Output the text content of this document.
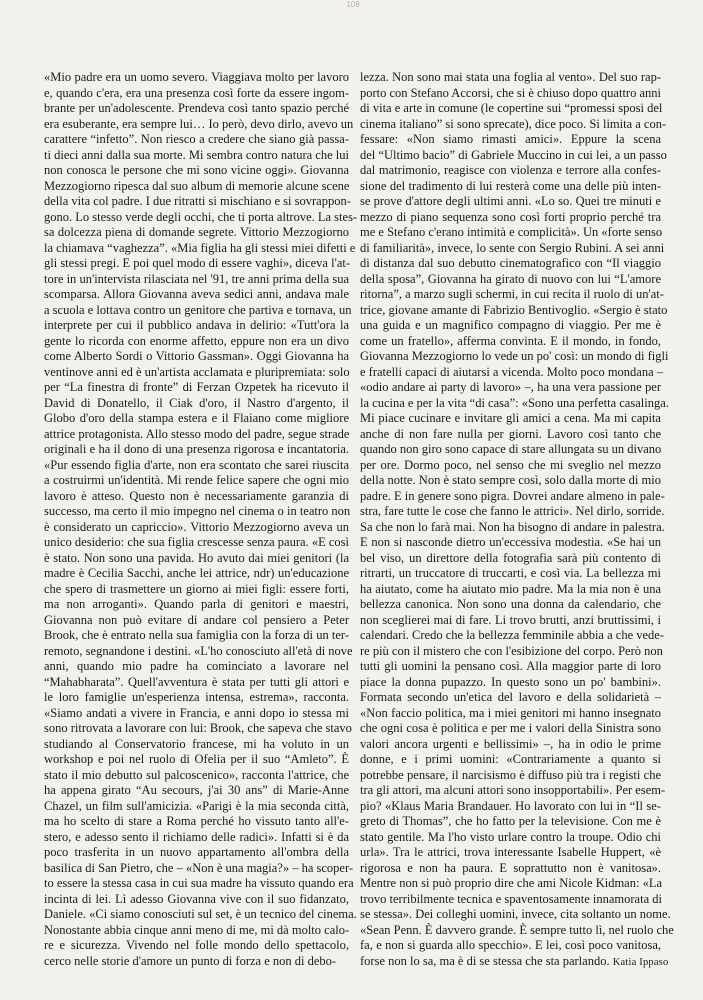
108
«Mio padre era un uomo severo. Viaggiava molto per lavoro
e, quando c'era, era una presenza così forte da essere ingom-
brante per un'adolescente. Prendeva così tanto spazio perché
era esuberante, era sempre lui… Io però, devo dirlo, avevo un
carattere “infetto”. Non riesco a credere che siano già passa-
ti dieci anni dalla sua morte. Mi sembra contro natura che lui
non conosca le persone che mi sono vicine oggi». Giovanna
Mezzogiorno ripesca dal suo album di memorie alcune scene
della vita col padre. I due ritratti si mischiano e si sovrappon-
gono. Lo stesso verde degli occhi, che ti porta altrove. La stes-
sa dolcezza piena di domande segrete. Vittorio Mezzogiorno
la chiamava “vaghezza”. «Mia figlia ha gli stessi miei difetti e
gli stessi pregi. E poi quel modo di essere vaghi», diceva l'at-
tore in un'intervista rilasciata nel '91, tre anni prima della sua
scomparsa. Allora Giovanna aveva sedici anni, andava male
a scuola e lottava contro un genitore che partiva e tornava, un
interprete per cui il pubblico andava in delirio: «Tutt'ora la
gente lo ricorda con enorme affetto, eppure non era un divo
come Alberto Sordi o Vittorio Gassman». Oggi Giovanna ha
ventinove anni ed è un'artista acclamata e pluripremiata: solo
per “La finestra di fronte” di Ferzan Ozpetek ha ricevuto il
David di Donatello, il Ciak d'oro, il Nastro d'argento, il
Globo d'oro della stampa estera e il Flaiano come migliore
attrice protagonista. Allo stesso modo del padre, segue strade
originali e ha il dono di una presenza rigorosa e incantatoria.
«Pur essendo figlia d'arte, non era scontato che sarei riuscita
a costruirmi un'identità. Mi rende felice sapere che ogni mio
lavoro è atteso. Questo non è necessariamente garanzia di
successo, ma certo il mio impegno nel cinema o in teatro non
è considerato un capriccio». Vittorio Mezzogiorno aveva un
unico desiderio: che sua figlia crescesse senza paura. «E così
è stato. Non sono una pavida. Ho avuto dai miei genitori (la
madre è Cecilia Sacchi, anche lei attrice, ndr) un'educazione
che spero di trasmettere un giorno ai miei figli: essere forti,
ma non arroganti». Quando parla di genitori e maestri,
Giovanna non può evitare di andare col pensiero a Peter
Brook, che è entrato nella sua famiglia con la forza di un ter-
remoto, segnandone i destini. «L'ho conosciuto all'età di nove
anni, quando mio padre ha cominciato a lavorare nel
“Mahabharata”. Quell'avventura è stata per tutti gli attori e
le loro famiglie un'esperienza intensa, estrema», racconta.
«Siamo andati a vivere in Francia, e anni dopo io stessa mi
sono ritrovata a lavorare con lui: Brook, che sapeva che stavo
studiando al Conservatorio francese, mi ha voluto in un
workshop e poi nel ruolo di Ofelia per il suo “Amleto”. È
stato il mio debutto sul palcoscenico», racconta l'attrice, che
ha appena girato “Au secours, j'ai 30 ans” di Marie-Anne
Chazel, un film sull'amicizia. «Parigi è la mia seconda città,
ma ho scelto di stare a Roma perché ho vissuto tanto all'e-
stero, e adesso sento il richiamo delle radici». Infatti si è da
poco trasferita in un nuovo appartamento all'ombra della
basilica di San Pietro, che – «Non è una magia?» – ha scoper-
to essere la stessa casa in cui sua madre ha vissuto quando era
incinta di lei. Lì adesso Giovanna vive con il suo fidanzato,
Daniele. «Ci siamo conosciuti sul set, è un tecnico del cinema.
Nonostante abbia cinque anni meno di me, mi dà molto calo-
re e sicurezza. Vivendo nel folle mondo dello spettacolo,
cerco nelle storie d'amore un punto di forza e non di debo-
lezza. Non sono mai stata una foglia al vento». Del suo rap-
porto con Stefano Accorsi, che si è chiuso dopo quattro anni
di vita e arte in comune (le copertine sui “promessi sposi del
cinema italiano” si sono sprecate), dice poco. Si limita a con-
fessare: «Non siamo rimasti amici». Eppure la scena
del “Ultimo bacio” di Gabriele Muccino in cui lei, a un passo
dal matrimonio, reagisce con violenza e terrore alla confes-
sione del tradimento di lui resterà come una delle più inten-
se prove d'attore degli ultimi anni. «Lo so. Quei tre minuti e
mezzo di piano sequenza sono così forti proprio perché tra
me e Stefano c'erano intimità e complicità». Un «forte senso
di familiarità», invece, lo sente con Sergio Rubini. A sei anni
di distanza dal suo debutto cinematografico con “Il viaggio
della sposa”, Giovanna ha girato di nuovo con lui “L'amore
ritorna”, a marzo sugli schermi, in cui recita il ruolo di un'at-
trice, giovane amante di Fabrizio Bentivoglio. «Sergio è stato
una guida e un magnifico compagno di viaggio. Per me è
come un fratello», afferma convinta. E il mondo, in fondo,
Giovanna Mezzogiorno lo vede un po' così: un mondo di figli
e fratelli capaci di aiutarsi a vicenda. Molto poco mondana –
«odio andare ai party di lavoro» –, ha una vera passione per
la cucina e per la vita “di casa”: «Sono una perfetta casalinga.
Mi piace cucinare e invitare gli amici a cena. Ma mi capita
anche di non fare nulla per giorni. Lavoro così tanto che
quando non giro sono capace di stare allungata su un divano
per ore. Dormo poco, nel senso che mi sveglio nel mezzo
della notte. Non è stato sempre così, solo dalla morte di mio
padre. E in genere sono pigra. Dovrei andare almeno in pale-
stra, fare tutte le cose che fanno le attrici». Nel dirlo, sorride.
Sa che non lo farà mai. Non ha bisogno di andare in palestra.
E non si nasconde dietro un'eccessiva modestia. «Se hai un
bel viso, un direttore della fotografia sarà più contento di
ritrarti, un truccatore di truccarti, e così via. La bellezza mi
ha aiutato, come ha aiutato mio padre. Ma la mia non è una
bellezza canonica. Non sono una donna da calendario, che
non sceglierei mai di fare. Li trovo brutti, anzi bruttissimi, i
calendari. Credo che la bellezza femminile abbia a che vede-
re più con il mistero che con l'esibizione del corpo. Però non
tutti gli uomini la pensano così. Alla maggior parte di loro
piace la donna pupazzo. In questo sono un po' bambini».
Formata secondo un'etica del lavoro e della solidarietà –
«Non faccio politica, ma i miei genitori mi hanno insegnato
che ogni cosa è politica e per me i valori della Sinistra sono
valori ancora urgenti e bellissimi» –, ha in odio le prime
donne, e i primi uomini: «Contrariamente a quanto si
potrebbe pensare, il narcisismo è diffuso più tra i registi che
tra gli attori, ma alcuni attori sono insopportabili». Per esem-
pio? «Klaus Maria Brandauer. Ho lavorato con lui in “Il se-
greto di Thomas”, che ho fatto per la televisione. Con me è
stato gentile. Ma l'ho visto urlare contro la troupe. Odio chi
urla». Tra le attrici, trova interessante Isabelle Huppert, «è
rigorosa e non ha paura. E soprattutto non è vanitosa».
Mentre non si può proprio dire che ami Nicole Kidman: «La
trovo terribilmente tecnica e spaventosamente innamorata di
se stessa». Dei colleghi uomini, invece, cita soltanto un nome.
«Sean Penn. È davvero grande. È sempre tutto lì, nel ruolo che
fa, e non si guarda allo specchio». E lei, così poco vanitosa,
forse non lo sa, ma è di se stessa che sta parlando. Katia Ippaso
